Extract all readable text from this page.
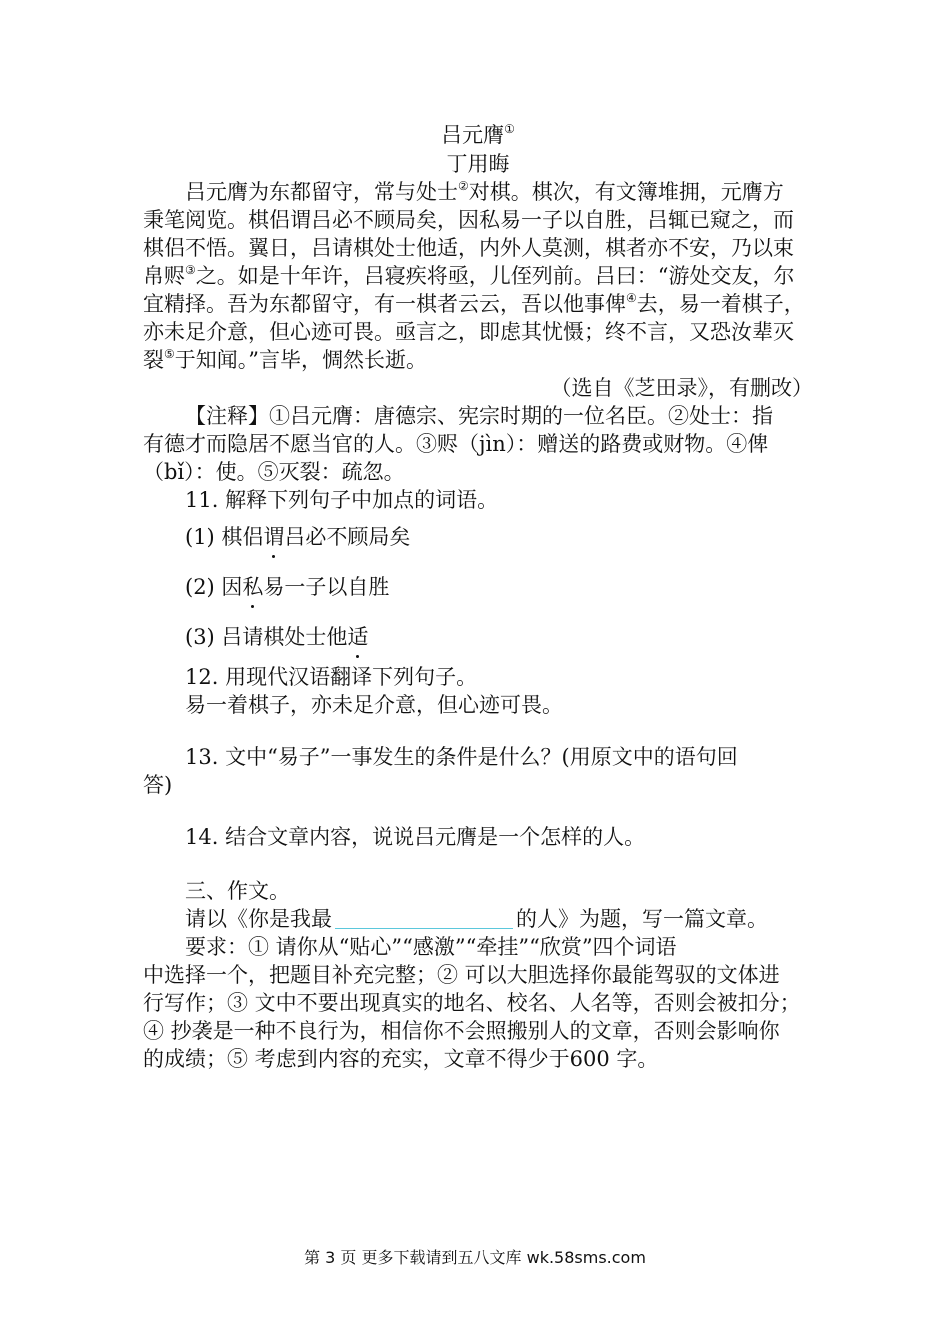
吕元膺①
丁用晦
吕元膺为东都留守，常与处士②对棋。棋次，有文簿堆拥，元膺方
秉笔阅览。棋侣谓吕必不顾局矣，因私易一子以自胜，吕辄已窥之，而
棋侣不悟。翼日，吕请棋处士他适，内外人莫测，棋者亦不安，乃以束
帛赆③之。如是十年许，吕寝疾将亟，儿侄列前。吕曰：“游处交友，尔
宜精择。吾为东都留守，有一棋者云云，吾以他事俾④去，易一着棋子，
亦未足介意，但心迹可畏。亟言之，即虑其忧慑；终不言，又恐汝辈灭
裂⑤于知闻。”言毕，惆然长逝。
（选自《芝田录》，有删改）
【注释】①吕元膺：唐德宗、宪宗时期的一位名臣。②处士：指
有德才而隐居不愿当官的人。③赆（jìn）：赠送的路费或财物。④俾
（bǐ）：使。⑤灭裂：疏忽。
11. 解释下列句子中加点的词语。
(1) 棋侣谓吕必不顾局矣
(2) 因私易一子以自胜
(3) 吕请棋处士他适
12. 用现代汉语翻译下列句子。
易一着棋子，亦未足介意，但心迹可畏。
13. 文中“易子”一事发生的条件是什么？(用原文中的语句回
答)
14. 结合文章内容，说说吕元膺是一个怎样的人。
三、作文。
请以《你是我最	的人》为题，写一篇文章。
要求：① 请你从“贴心”“感激”“牵挂”“欣赏”四个词语
中选择一个，把题目补充完整；② 可以大胆选择你最能驾驭的文体进
行写作；③ 文中不要出现真实的地名、校名、人名等，否则会被扣分；
④ 抄袭是一种不良行为，相信你不会照搬别人的文章，否则会影响你
的成绩；⑤ 考虑到内容的充实，文章不得少于600 字。
第 3 页 更多下载请到五八文库 wk.58sms.com
